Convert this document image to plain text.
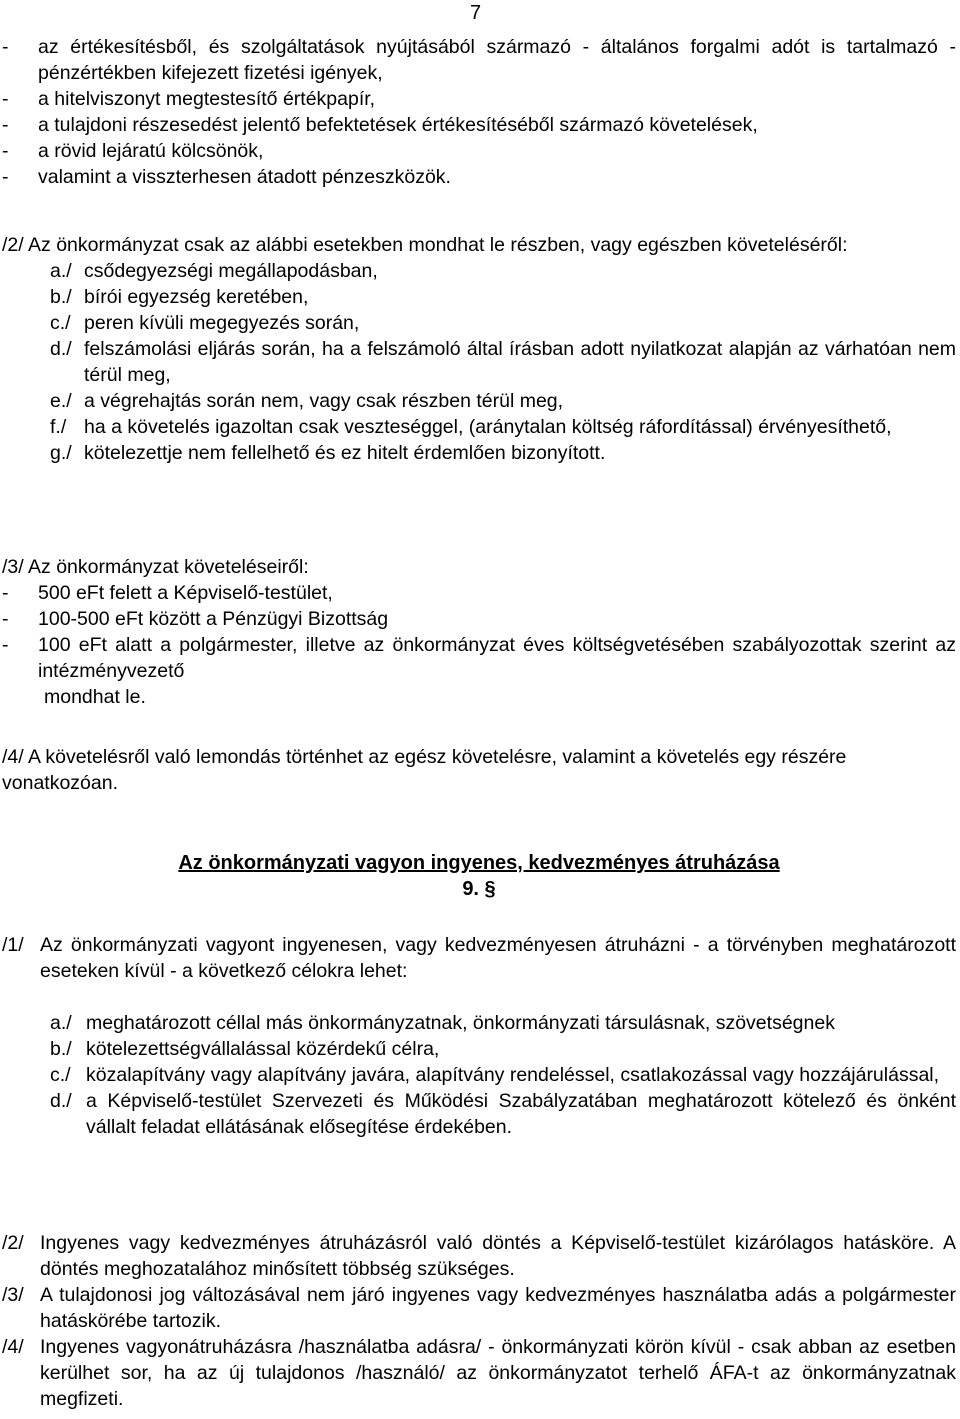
7
-	az értékesítésből, és szolgáltatások nyújtásából származó - általános forgalmi adót is tartalmazó - pénzértékben kifejezett fizetési igények,
-	a hitelviszonyt megtestesítő értékpapír,
-	a tulajdoni részesedést jelentő befektetések értékesítéséből származó követelések,
-	a rövid lejáratú kölcsönök,
-	valamint a visszterhesen átadott pénzeszközök.
/2/ Az önkormányzat csak az alábbi esetekben mondhat le részben, vagy egészben követeléséről:
a./ csődegyezségi megállapodásban,
b./ bírói egyezség keretében,
c./ peren kívüli megegyezés során,
d./ felszámolási eljárás során, ha a felszámoló által írásban adott nyilatkozat alapján az várhatóan nem térül meg,
e./ a végrehajtás során nem, vagy csak részben térül meg,
f./ ha a követelés igazoltan csak veszteséggel, (aránytalan költség ráfordítással) érvényesíthető,
g./ kötelezettje nem fellelhető és ez hitelt érdemlően bizonyított.
/3/ Az önkormányzat követeléseiről:
-	500 eFt felett a Képviselő-testület,
-	100-500 eFt között a Pénzügyi Bizottság
-	100 eFt alatt a polgármester, illetve az önkormányzat éves költségvetésében szabályozottak szerint az intézményvezető
mondhat le.
/4/ A követelésről való lemondás történhet az egész követelésre, valamint a követelés egy részére vonatkozóan.
Az önkormányzati vagyon ingyenes, kedvezményes átruházása
9. §
/1/ Az önkormányzati vagyont ingyenesen, vagy kedvezményesen átruházni - a törvényben meghatározott eseteken kívül - a következő célokra lehet:
a./ meghatározott céllal más önkormányzatnak, önkormányzati társulásnak, szövetségnek
b./ kötelezettségvállalással közérdekű célra,
c./ közalapítvány vagy alapítvány javára, alapítvány rendeléssel, csatlakozással vagy hozzájárulással,
d./ a Képviselő-testület Szervezeti és Működési Szabályzatában meghatározott kötelező és önként vállalt feladat ellátásának elősegítése érdekében.
/2/ Ingyenes vagy kedvezményes átruházásról való döntés a Képviselő-testület kizárólagos hatásköre. A döntés meghozatalához minősített többség szükséges.
/3/ A tulajdonosi jog változásával nem járó ingyenes vagy kedvezményes használatba adás a polgármester hatáskörébe tartozik.
/4/ Ingyenes vagyonátruházásra /használatba adásra/ - önkormányzati körön kívül - csak abban az esetben kerülhet sor, ha az új tulajdonos /használó/ az önkormányzatot terhelő ÁFA-t az önkormányzatnak megfizeti.
